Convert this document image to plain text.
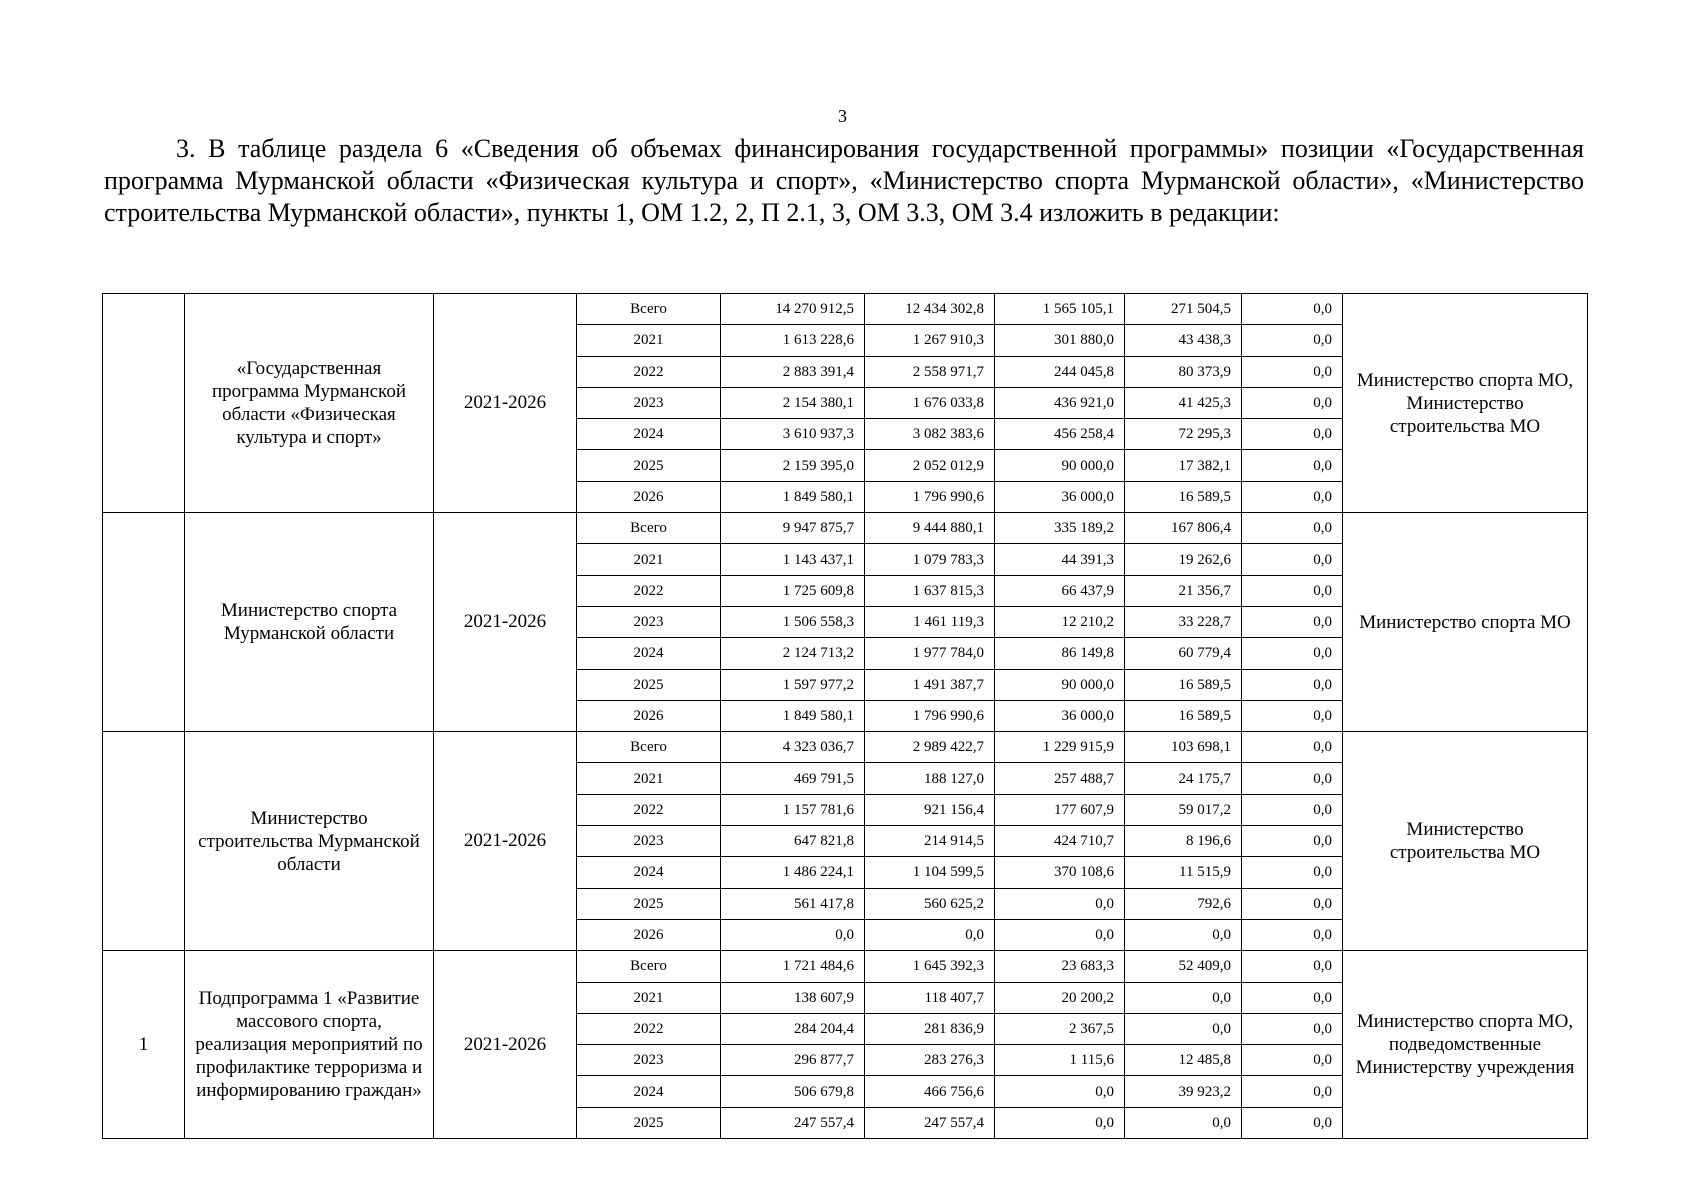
3

3. В таблице раздела 6 «Сведения об объемах финансирования государственной программы» позиции «Государственная программа Мурманской области «Физическая культура и спорт», «Министерство спорта Мурманской области», «Министерство строительства Мурманской области», пункты 1, ОМ 1.2, 2, П 2.1, 3, ОМ 3.3, ОМ 3.4 изложить в редакции:

	«Государственная программа Мурманской области «Физическая культура и спорт»	2021-2026	Всего	14 270 912,5	12 434 302,8	1 565 105,1	271 504,5	0,0	Министерство спорта МО, Министерство строительства МО
			2021	1 613 228,6	1 267 910,3	301 880,0	43 438,3	0,0	
			2022	2 883 391,4	2 558 971,7	244 045,8	80 373,9	0,0	
			2023	2 154 380,1	1 676 033,8	436 921,0	41 425,3	0,0	
			2024	3 610 937,3	3 082 383,6	456 258,4	72 295,3	0,0	
			2025	2 159 395,0	2 052 012,9	90 000,0	17 382,1	0,0	
			2026	1 849 580,1	1 796 990,6	36 000,0	16 589,5	0,0	
	Министерство спорта Мурманской области	2021-2026	Всего	9 947 875,7	9 444 880,1	335 189,2	167 806,4	0,0	Министерство спорта МО
			2021	1 143 437,1	1 079 783,3	44 391,3	19 262,6	0,0	
			2022	1 725 609,8	1 637 815,3	66 437,9	21 356,7	0,0	
			2023	1 506 558,3	1 461 119,3	12 210,2	33 228,7	0,0	
			2024	2 124 713,2	1 977 784,0	86 149,8	60 779,4	0,0	
			2025	1 597 977,2	1 491 387,7	90 000,0	16 589,5	0,0	
			2026	1 849 580,1	1 796 990,6	36 000,0	16 589,5	0,0	
	Министерство строительства Мурманской области	2021-2026	Всего	4 323 036,7	2 989 422,7	1 229 915,9	103 698,1	0,0	Министерство строительства МО
			2021	469 791,5	188 127,0	257 488,7	24 175,7	0,0	
			2022	1 157 781,6	921 156,4	177 607,9	59 017,2	0,0	
			2023	647 821,8	214 914,5	424 710,7	8 196,6	0,0	
			2024	1 486 224,1	1 104 599,5	370 108,6	11 515,9	0,0	
			2025	561 417,8	560 625,2	0,0	792,6	0,0	
			2026	0,0	0,0	0,0	0,0	0,0	
1	Подпрограмма 1 «Развитие массового спорта, реализация мероприятий по профилактике терроризма и информированию граждан»	2021-2026	Всего	1 721 484,6	1 645 392,3	23 683,3	52 409,0	0,0	Министерство спорта МО, подведомственные Министерству учреждения
			2021	138 607,9	118 407,7	20 200,2	0,0	0,0	
			2022	284 204,4	281 836,9	2 367,5	0,0	0,0	
			2023	296 877,7	283 276,3	1 115,6	12 485,8	0,0	
			2024	506 679,8	466 756,6	0,0	39 923,2	0,0	
			2025	247 557,4	247 557,4	0,0	0,0	0,0	
